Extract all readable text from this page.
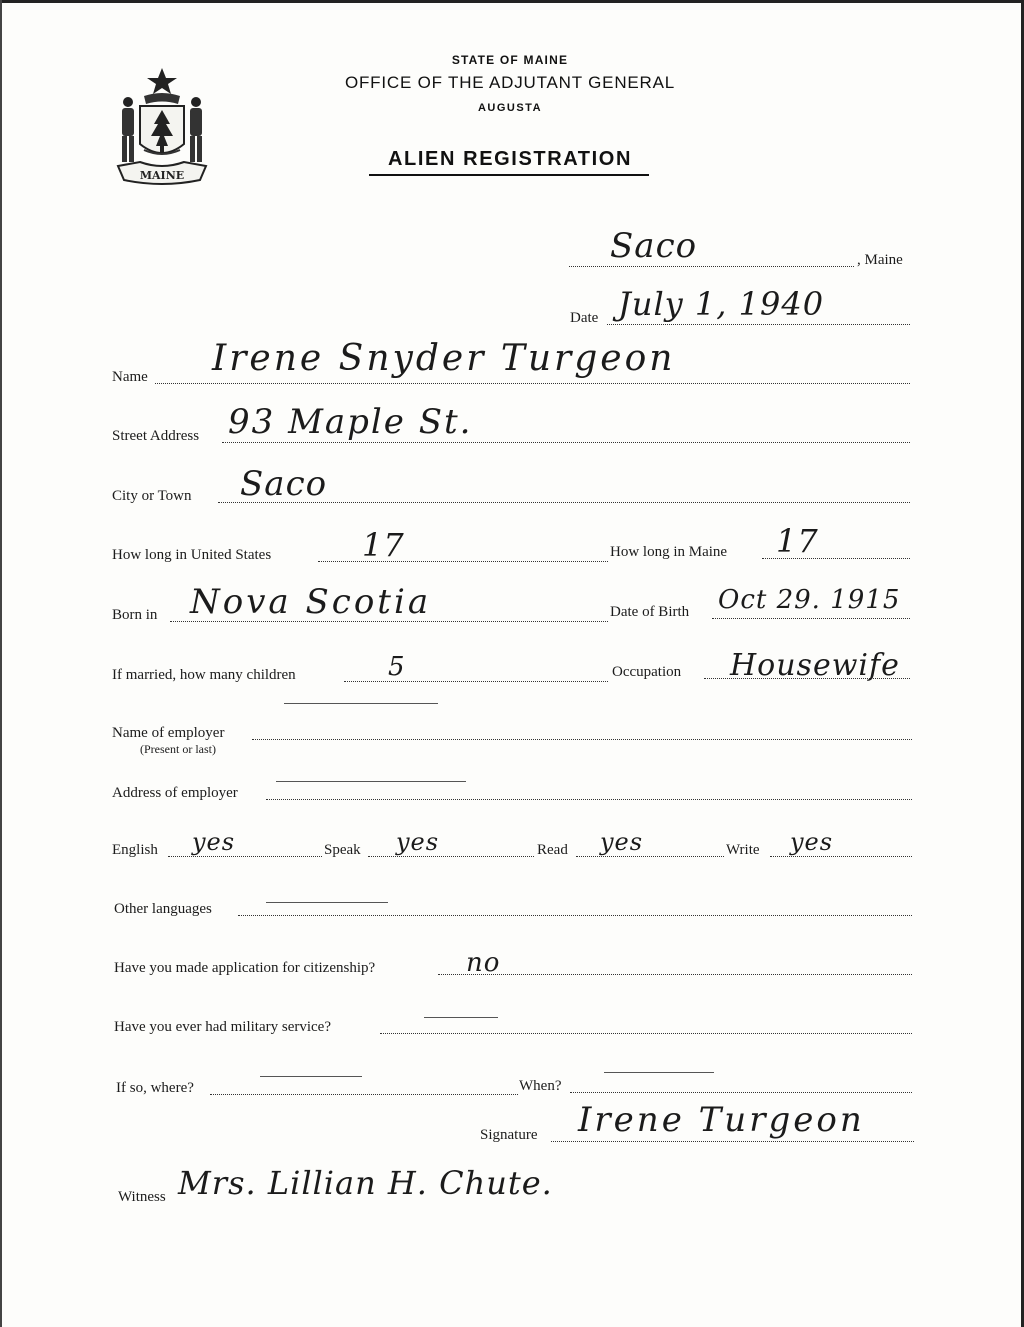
MAINE
STATE OF MAINE
OFFICE OF THE ADJUTANT GENERAL
AUGUSTA
ALIEN REGISTRATION
Saco	, Maine
Date July 1, 1940
Name Irene Snyder Turgeon
Street Address 93 Maple St.
City or Town Saco
How long in United States	17	How long in Maine 17
Born in Nova Scotia	Date of Birth Oct 29. 1915
If married, how many children	5	Occupation Housewife
Name of employer
(Present or last)
Address of employer
English yes	Speak yes	Read yes	Write yes
Other languages
Have you made application for citizenship?	no
Have you ever had military service?
If so, where?	When?
Signature Irene Turgeon
Witness Mrs. Lillian H. Chute.
